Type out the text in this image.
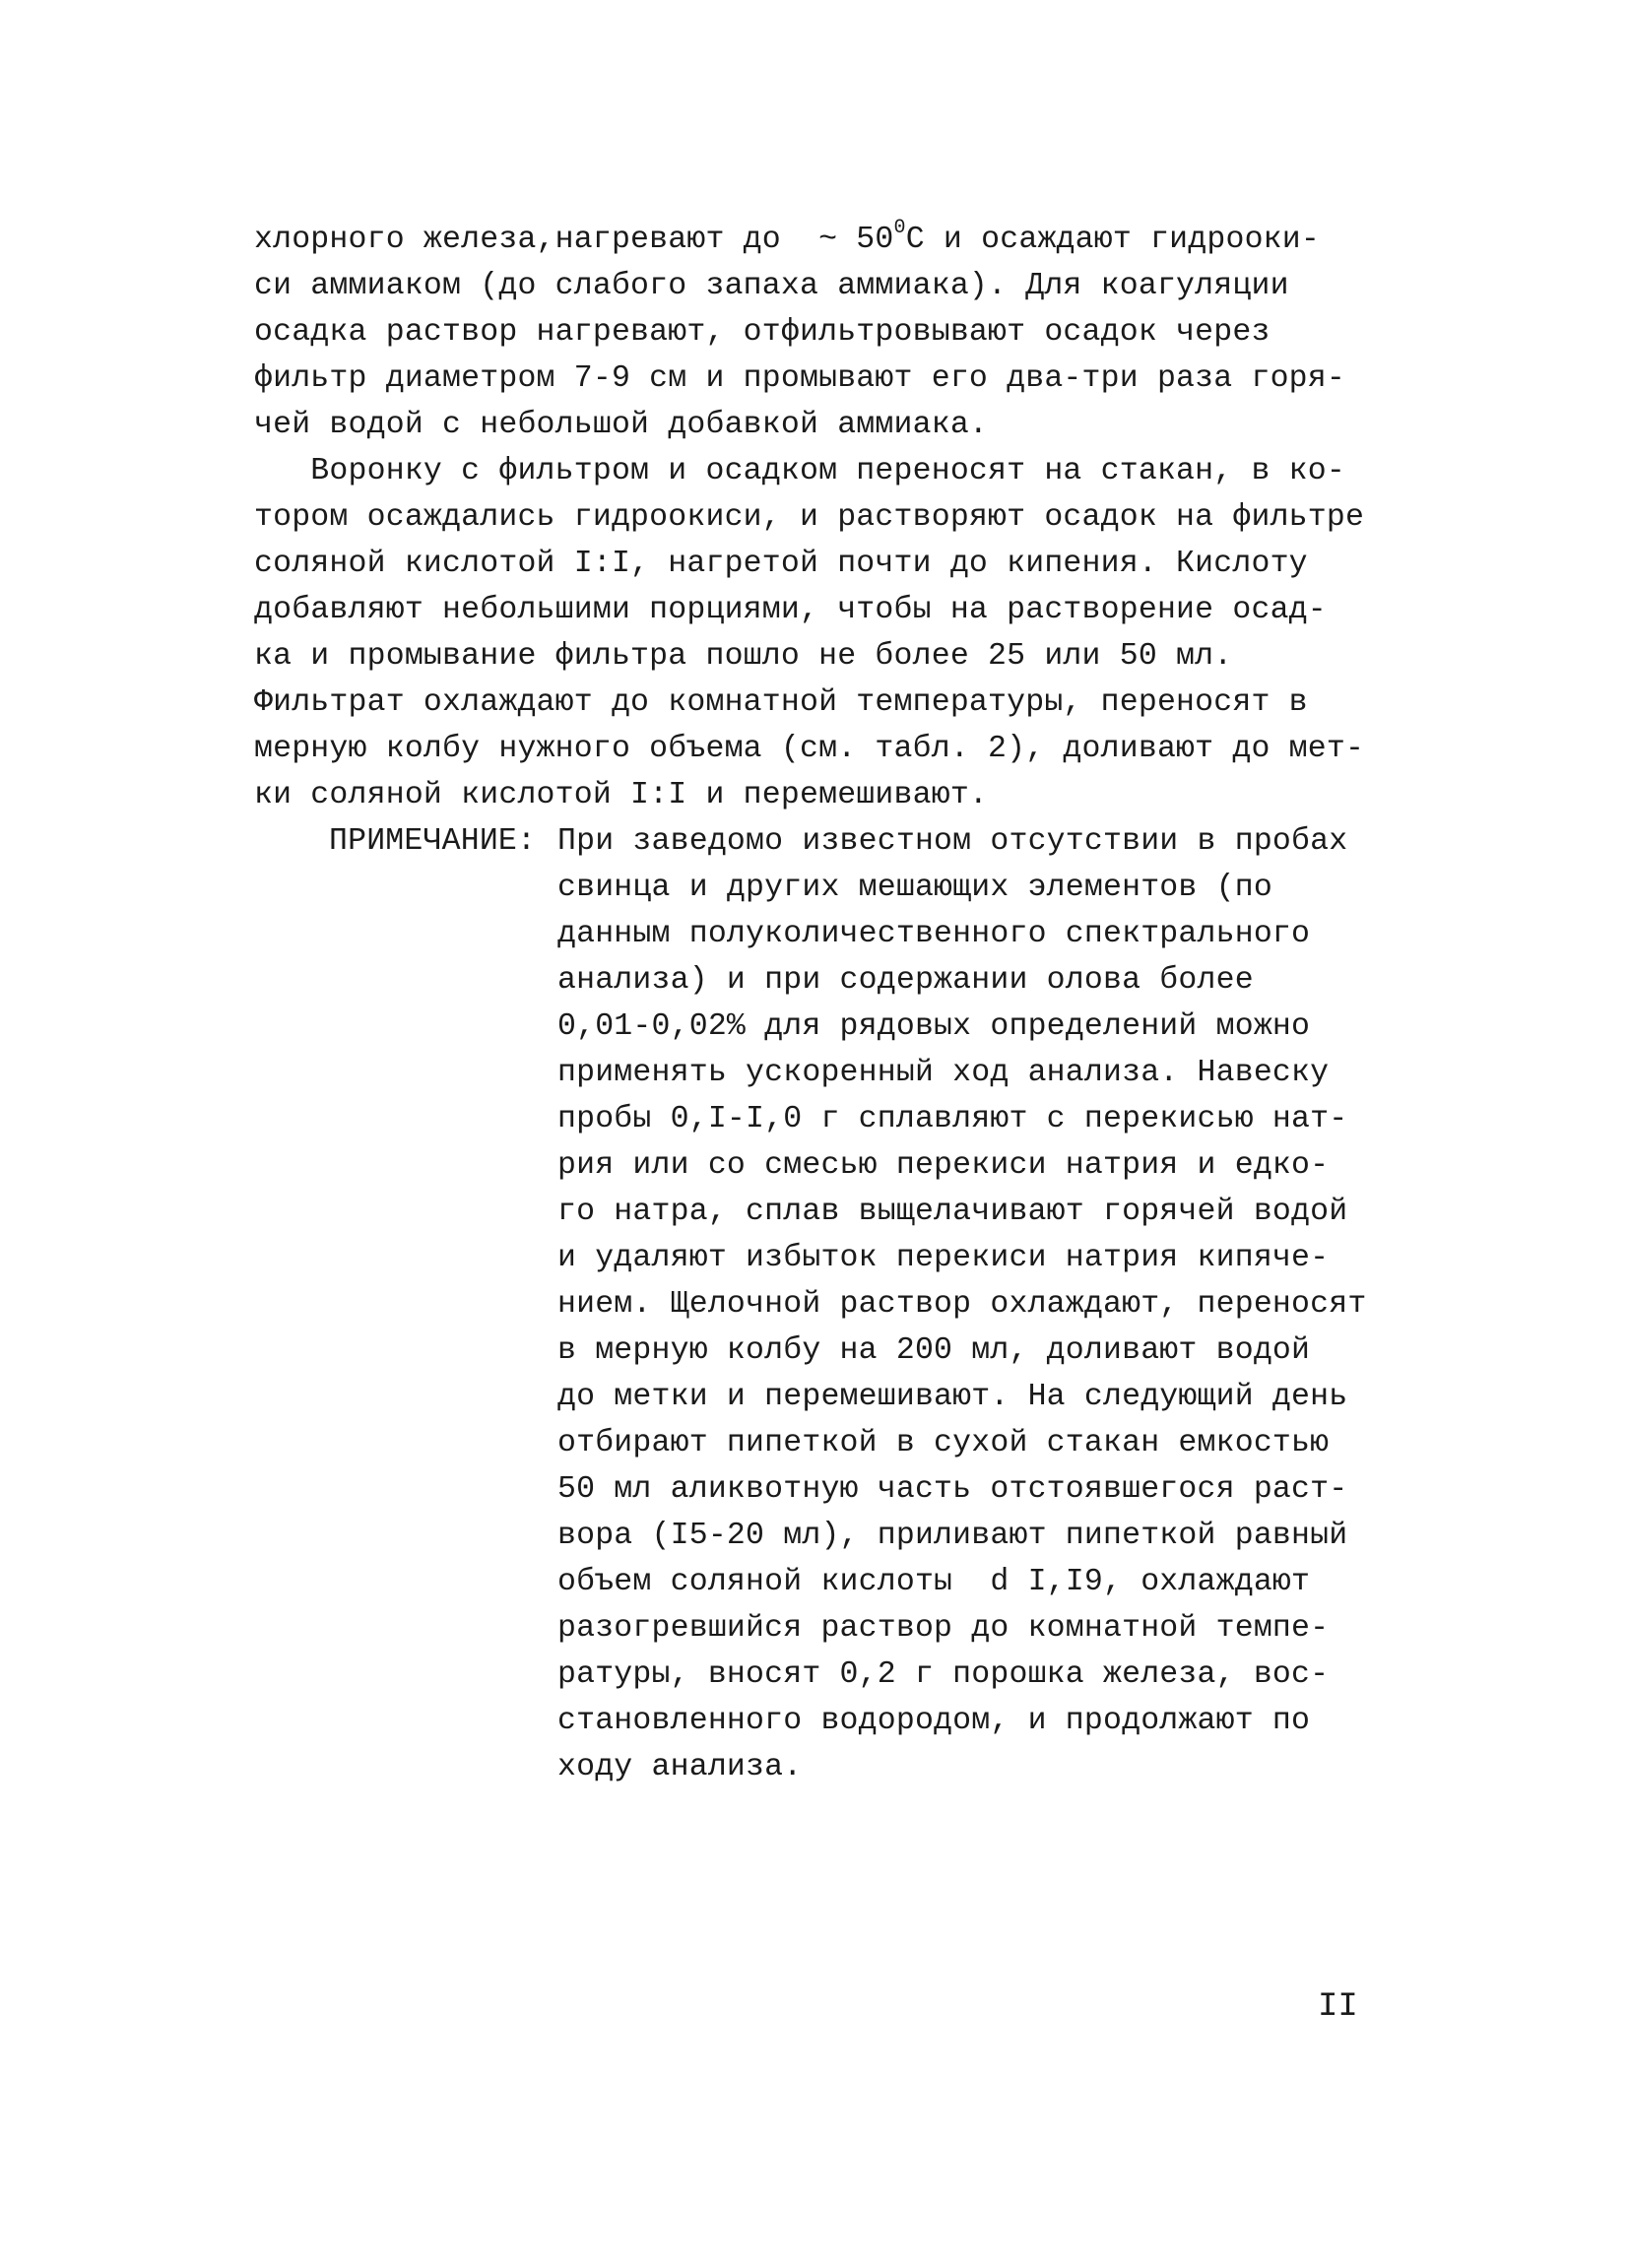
хлорного железа,нагревают до  ~ $50^0С$ и осаждают гидрооки-
си аммиаком (до слабого запаха аммиака). Для коагуляции
осадка раствор нагревают, отфильтровывают осадок через
фильтр диаметром 7-9 см и промывают его два-три раза горя-
чей водой с небольшой добавкой аммиака.
Воронку с фильтром и осадком переносят на стакан, в ко-
тором осаждались гидроокиси, и растворяют осадок на фильтре
соляной кислотой I:I, нагретой почти до кипения. Кислоту
добавляют небольшими порциями, чтобы на растворение осад-
ка и промывание фильтра пошло не более 25 или 50 мл.
Фильтрат охлаждают до комнатной температуры, переносят в
мерную колбу нужного объема (см. табл. 2), доливают до мет-
ки соляной кислотой I:I и перемешивают.
ПРИМЕЧАНИЕ: При заведомо известном отсутствии в пробах
свинца и других мешающих элементов (по
данным полуколичественного спектрального
анализа) и при содержании олова более
0,01-0,02% для рядовых определений можно
применять ускоренный ход анализа. Навеску
пробы 0,I-I,0 г сплавляют с перекисью нат-
рия или со смесью перекиси натрия и едко-
го натра, сплав выщелачивают горячей водой
и удаляют избыток перекиси натрия кипяче-
нием. Щелочной раствор охлаждают, переносят
в мерную колбу на 200 мл, доливают водой
до метки и перемешивают. На следующий день
отбирают пипеткой в сухой стакан емкостью
50 мл аликвотную часть отстоявшегося раст-
вора (I5-20 мл), приливают пипеткой равный
объем соляной кислоты  d I,I9, охлаждают
разогревшийся раствор до комнатной темпе-
ратуры, вносят 0,2 г порошка железа, вос-
становленного водородом, и продолжают по
ходу анализа.
II
